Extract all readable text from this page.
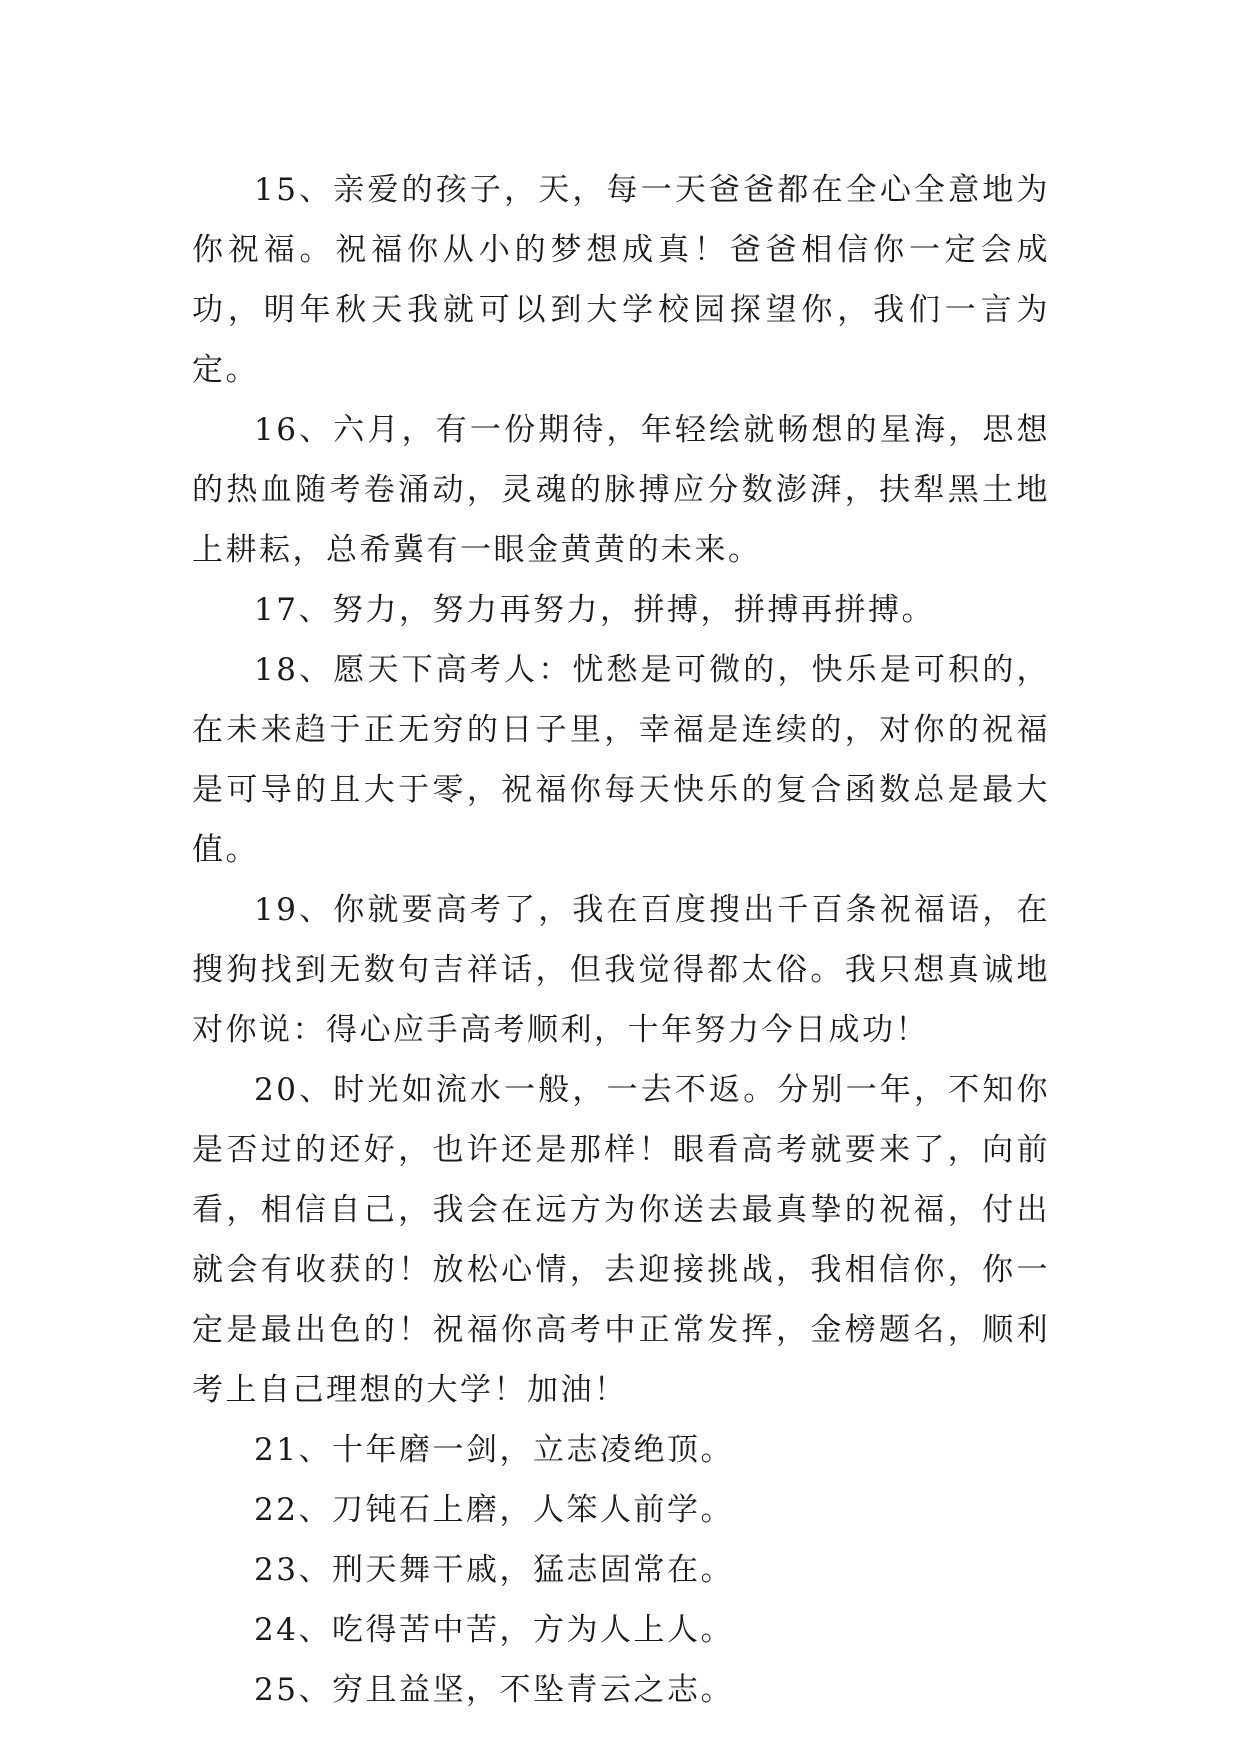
15、亲爱的孩子，天，每一天爸爸都在全心全意地为你祝福。祝福你从小的梦想成真！爸爸相信你一定会成功，明年秋天我就可以到大学校园探望你，我们一言为定。

16、六月，有一份期待，年轻绘就畅想的星海，思想的热血随考卷涌动，灵魂的脉搏应分数澎湃，扶犁黑土地上耕耘，总希冀有一眼金黄黄的未来。

17、努力，努力再努力，拼搏，拼搏再拼搏。

18、愿天下高考人：忧愁是可微的，快乐是可积的，在未来趋于正无穷的日子里，幸福是连续的，对你的祝福是可导的且大于零，祝福你每天快乐的复合函数总是最大值。

19、你就要高考了，我在百度搜出千百条祝福语，在搜狗找到无数句吉祥话，但我觉得都太俗。我只想真诚地对你说：得心应手高考顺利，十年努力今日成功！

20、时光如流水一般，一去不返。分别一年，不知你是否过的还好，也许还是那样！眼看高考就要来了，向前看，相信自己，我会在远方为你送去最真挚的祝福，付出就会有收获的！放松心情，去迎接挑战，我相信你，你一定是最出色的！祝福你高考中正常发挥，金榜题名，顺利考上自己理想的大学！加油！

21、十年磨一剑，立志凌绝顶。

22、刀钝石上磨，人笨人前学。

23、刑天舞干戚，猛志固常在。

24、吃得苦中苦，方为人上人。

25、穷且益坚，不坠青云之志。
